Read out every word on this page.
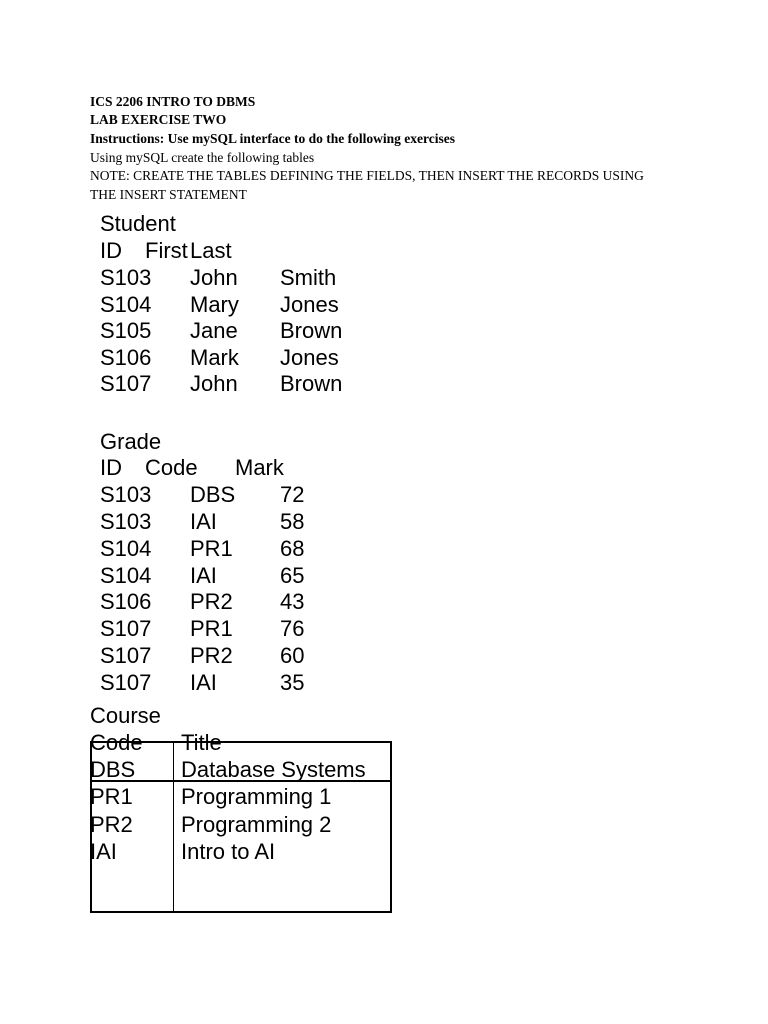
ICS 2206 INTRO TO DBMS

LAB EXERCISE TWO

Instructions: Use mySQL interface to do the following exercises

Using mySQL create the following tables

NOTE: CREATE THE TABLES DEFINING THE FIELDS, THEN INSERT THE RECORDS USING

THE INSERT STATEMENT

Student

ID First Last
S103 John Smith
S104 Mary Jones
S105 Jane Brown
S106 Mark Jones
S107 John Brown

Grade

ID Code Mark
S103 DBS 72
S103 IAI	58
S104 PR1 68
S104 IAI	65
S106 PR2 43
S107 PR1 76
S107 PR2 60
S107 IAI	35

Course

Code Title
DBS Database Systems
PR1 Programming 1
PR2 Programming 2
IAI	Intro to AI
